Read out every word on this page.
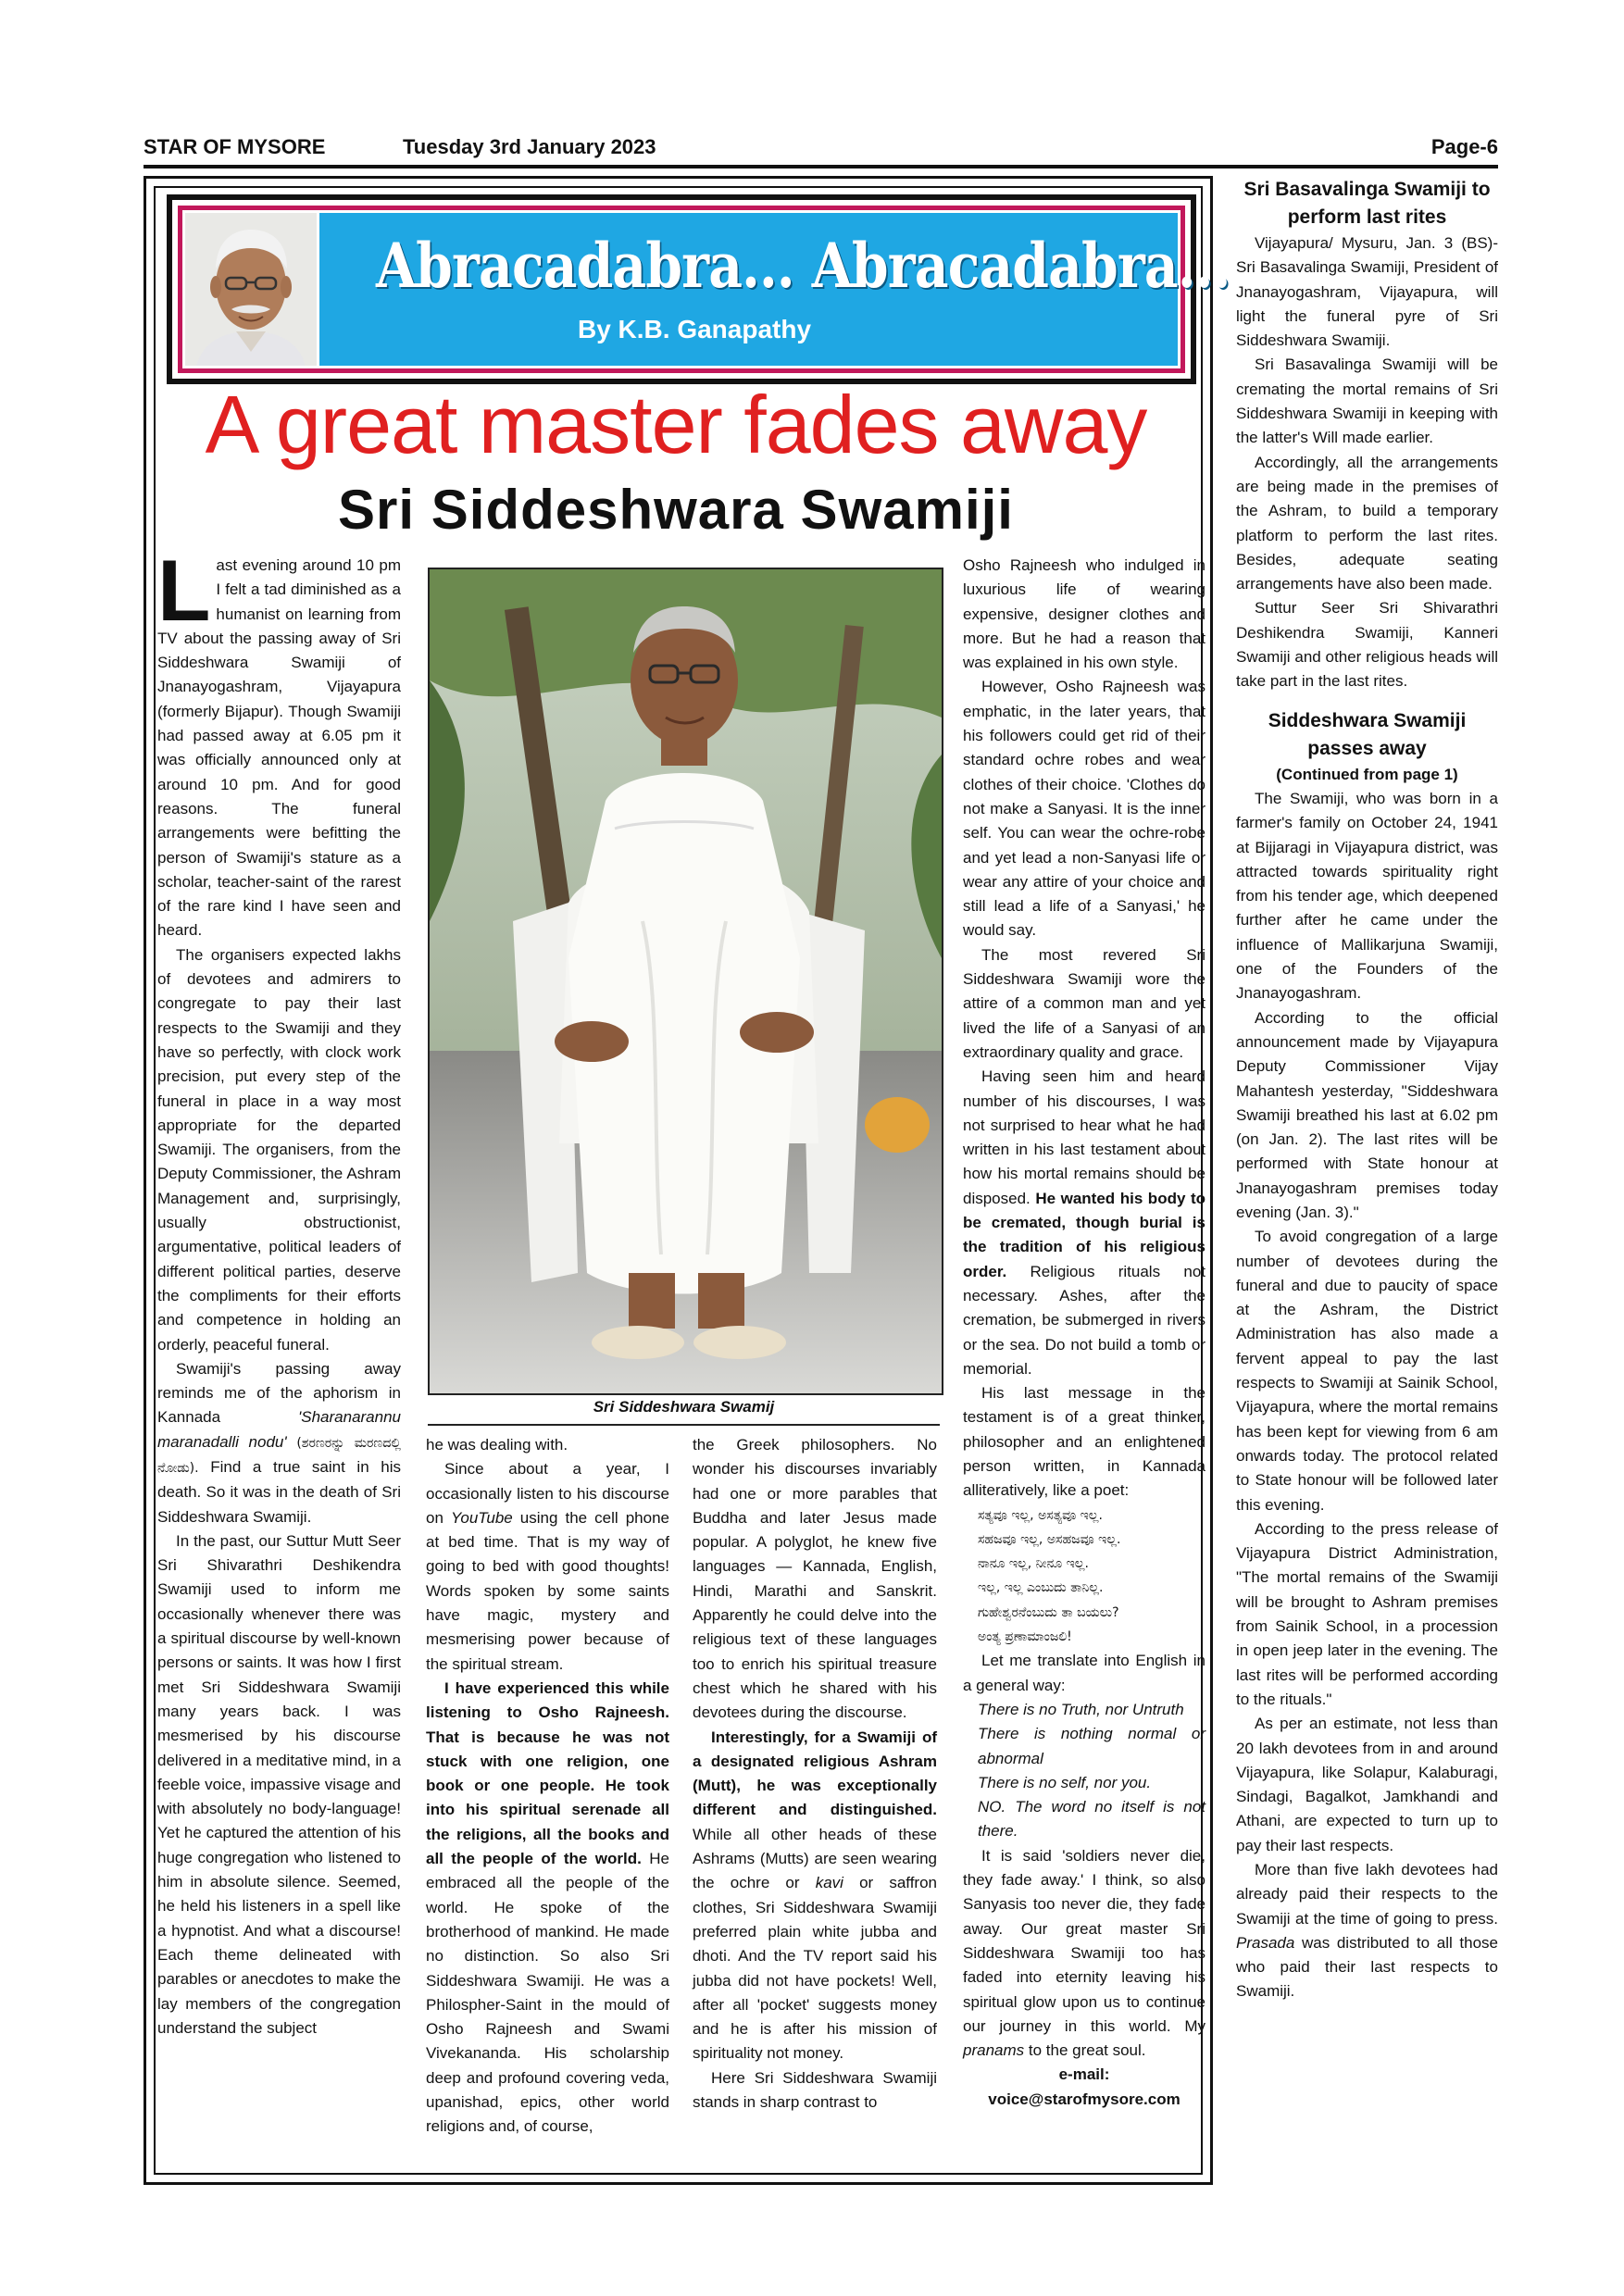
STAR OF MYSORE	Tuesday 3rd January 2023	Page-6
Abracadabra... Abracadabra...
By K.B. Ganapathy
A great master fades away
Sri Siddeshwara Swamiji

Last evening around 10 pm I felt a tad diminished as a humanist on learning from TV about the passing away of Sri Siddeshwara Swamiji of Jnanayogashram, Vijayapura (formerly Bijapur). Though Swamiji had passed away at 6.05 pm it was officially announced only at around 10 pm. And for good reasons. The funeral arrangements were befitting the person of Swamiji's stature as a scholar, teacher-saint of the rarest of the rare kind I have seen and heard.

The organisers expected lakhs of devotees and admirers to congregate to pay their last respects to the Swamiji and they have so perfectly, with clock work precision, put every step of the funeral in place in a way most appropriate for the departed Swamiji. The organisers, from the Deputy Commissioner, the Ashram Management and, surprisingly, usually obstructionist, argumentative, political leaders of different political parties, deserve the compliments for their efforts and competence in holding an orderly, peaceful funeral.

Swamiji's passing away reminds me of the aphorism in Kannada 'Sharanarannu maranadalli nodu' (ಶರಣರನ್ನು ಮರಣದಲ್ಲಿ ನೋಡು). Find a true saint in his death. So it was in the death of Sri Siddeshwara Swamiji.

In the past, our Suttur Mutt Seer Sri Shivarathri Deshikendra Swamiji used to inform me occasionally whenever there was a spiritual discourse by well-known persons or saints. It was how I first met Sri Siddeshwara Swamiji many years back. I was mesmerised by his discourse delivered in a meditative mind, in a feeble voice, impassive visage and with absolutely no body-language! Yet he captured the attention of his huge congregation who listened to him in absolute silence. Seemed, he held his listeners in a spell like a hypnotist. And what a discourse! Each theme delineated with parables or anecdotes to make the lay members of the congregation understand the subject

Sri Siddeshwara Swamij

he was dealing with.

Since about a year, I occasionally listen to his discourse on YouTube using the cell phone at bed time. That is my way of going to bed with good thoughts! Words spoken by some saints have magic, mystery and mesmerising power because of the spiritual stream.

I have experienced this while listening to Osho Rajneesh. That is because he was not stuck with one religion, one book or one people. He took into his spiritual serenade all the religions, all the books and all the people of the world. He embraced all the people of the world. He spoke of the brotherhood of mankind. He made no distinction. So also Sri Siddeshwara Swamiji. He was a Philospher-Saint in the mould of Osho Rajneesh and Swami Vivekananda. His scholarship deep and profound covering veda, upanishad, epics, other world religions and, of course,

the Greek philosophers. No wonder his discourses invariably had one or more parables that Buddha and later Jesus made popular. A polyglot, he knew five languages — Kannada, English, Hindi, Marathi and Sanskrit. Apparently he could delve into the religious text of these languages too to enrich his spiritual treasure chest which he shared with his devotees during the discourse.

Interestingly, for a Swamiji of a designated religious Ashram (Mutt), he was exceptionally different and distinguished. While all other heads of these Ashrams (Mutts) are seen wearing the ochre or kavi or saffron clothes, Sri Siddeshwara Swamiji preferred plain white jubba and dhoti. And the TV report said his jubba did not have pockets! Well, after all 'pocket' suggests money and he is after his mission of spirituality not money.

Here Sri Siddeshwara Swamiji stands in sharp contrast to

Osho Rajneesh who indulged in luxurious life of wearing expensive, designer clothes and more. But he had a reason that was explained in his own style.

However, Osho Rajneesh was emphatic, in the later years, that his followers could get rid of their standard ochre robes and wear clothes of their choice. 'Clothes do not make a Sanyasi. It is the inner self. You can wear the ochre-robe and yet lead a non-Sanyasi life or wear any attire of your choice and still lead a life of a Sanyasi,' he would say.

The most revered Sri Siddeshwara Swamiji wore the attire of a common man and yet lived the life of a Sanyasi of an extraordinary quality and grace.

Having seen him and heard number of his discourses, I was not surprised to hear what he had written in his last testament about how his mortal remains should be disposed. He wanted his body to be cremated, though burial is the tradition of his religious order. Religious rituals not necessary. Ashes, after the cremation, be submerged in rivers or the sea. Do not build a tomb or memorial.

His last message in the testament is of a great thinker, philosopher and an enlightened person written, in Kannada alliteratively, like a poet:

ಸತ್ಯವೂ ಇಲ್ಲ, ಅಸತ್ಯವೂ ಇಲ್ಲ.
ಸಹಜವೂ ಇಲ್ಲ, ಅಸಹಜವೂ ಇಲ್ಲ.
ನಾನೂ ಇಲ್ಲ, ನೀನೂ ಇಲ್ಲ.
ಇಲ್ಲ, ಇಲ್ಲ ಎಂಬುದು ತಾನಿಲ್ಲ.
ಗುಹೇಶ್ವರನೆಂಬುದು ತಾ ಬಯಲು?
ಅಂತ್ಯ ಪ್ರಣಾಮಾಂಜಲಿ!

Let me translate into English in a general way:

There is no Truth, nor Untruth
There is nothing normal or abnormal
There is no self, nor you.
NO. The word no itself is not there.

It is said 'soldiers never die, they fade away.' I think, so also Sanyasis too never die, they fade away. Our great master Sri Siddeshwara Swamiji too has faded into eternity leaving his spiritual glow upon us to continue our journey in this world. My pranams to the great soul.

e-mail:
voice@starofmysore.com
Sri Basavalinga Swamiji to perform last rites

Vijayapura/ Mysuru, Jan. 3 (BS)- Sri Basavalinga Swamiji, President of Jnanayogashram, Vijayapura, will light the funeral pyre of Sri Siddeshwara Swamiji.

Sri Basavalinga Swamiji will be cremating the mortal remains of Sri Siddeshwara Swamiji in keeping with the latter's Will made earlier.

Accordingly, all the arrangements are being made in the premises of the Ashram, to build a temporary platform to perform the last rites. Besides, adequate seating arrangements have also been made.

Suttur Seer Sri Shivarathri Deshikendra Swamiji, Kanneri Swamiji and other religious heads will take part in the last rites.

Siddeshwara Swamiji passes away

(Continued from page 1)

The Swamiji, who was born in a farmer's family on October 24, 1941 at Bijjaragi in Vijayapura district, was attracted towards spirituality right from his tender age, which deepened further after he came under the influence of Mallikarjuna Swamiji, one of the Founders of the Jnanayogashram.

According to the official announcement made by Vijayapura Deputy Commissioner Vijay Mahantesh yesterday, "Siddeshwara Swamiji breathed his last at 6.02 pm (on Jan. 2). The last rites will be performed with State honour at Jnanayogashram premises today evening (Jan. 3)."

To avoid congregation of a large number of devotees during the funeral and due to paucity of space at the Ashram, the District Administration has also made a fervent appeal to pay the last respects to Swamiji at Sainik School, Vijayapura, where the mortal remains has been kept for viewing from 6 am onwards today. The protocol related to State honour will be followed later this evening.

According to the press release of Vijayapura District Administration, "The mortal remains of the Swamiji will be brought to Ashram premises from Sainik School, in a procession in open jeep later in the evening. The last rites will be performed according to the rituals."

As per an estimate, not less than 20 lakh devotees from in and around Vijayapura, like Solapur, Kalaburagi, Sindagi, Bagalkot, Jamkhandi and Athani, are expected to turn up to pay their last respects.

More than five lakh devotees had already paid their respects to the Swamiji at the time of going to press. Prasada was distributed to all those who paid their last respects to Swamiji.
